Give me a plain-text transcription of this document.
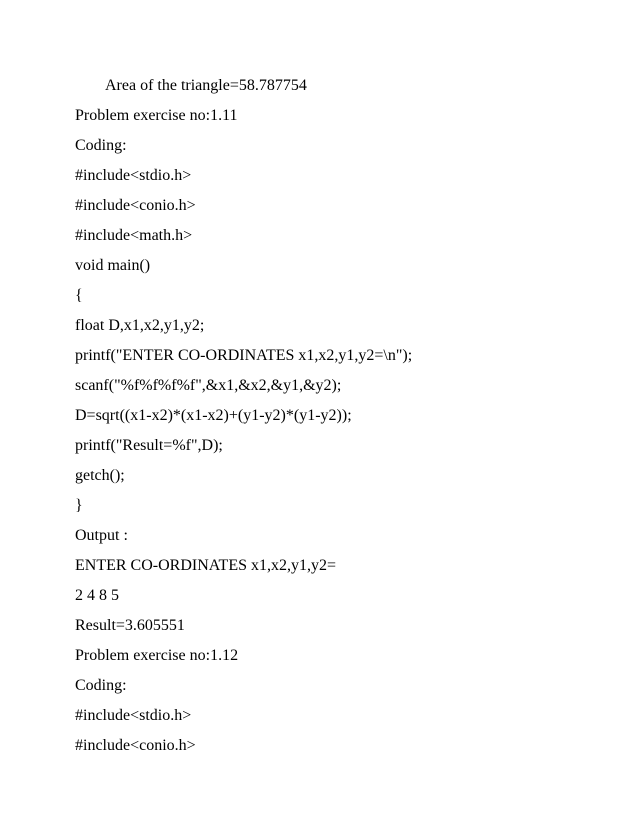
Area of the triangle=58.787754
Problem exercise no:1.11
Coding:
#include<stdio.h>
#include<conio.h>
#include<math.h>
void main()
{
float D,x1,x2,y1,y2;
printf("ENTER CO-ORDINATES x1,x2,y1,y2=\n");
scanf("%f%f%f%f",&x1,&x2,&y1,&y2);
D=sqrt((x1-x2)*(x1-x2)+(y1-y2)*(y1-y2));
printf("Result=%f",D);
getch();
}
Output :
ENTER CO-ORDINATES x1,x2,y1,y2=
2 4 8 5
Result=3.605551
Problem exercise no:1.12
Coding:
#include<stdio.h>
#include<conio.h>
